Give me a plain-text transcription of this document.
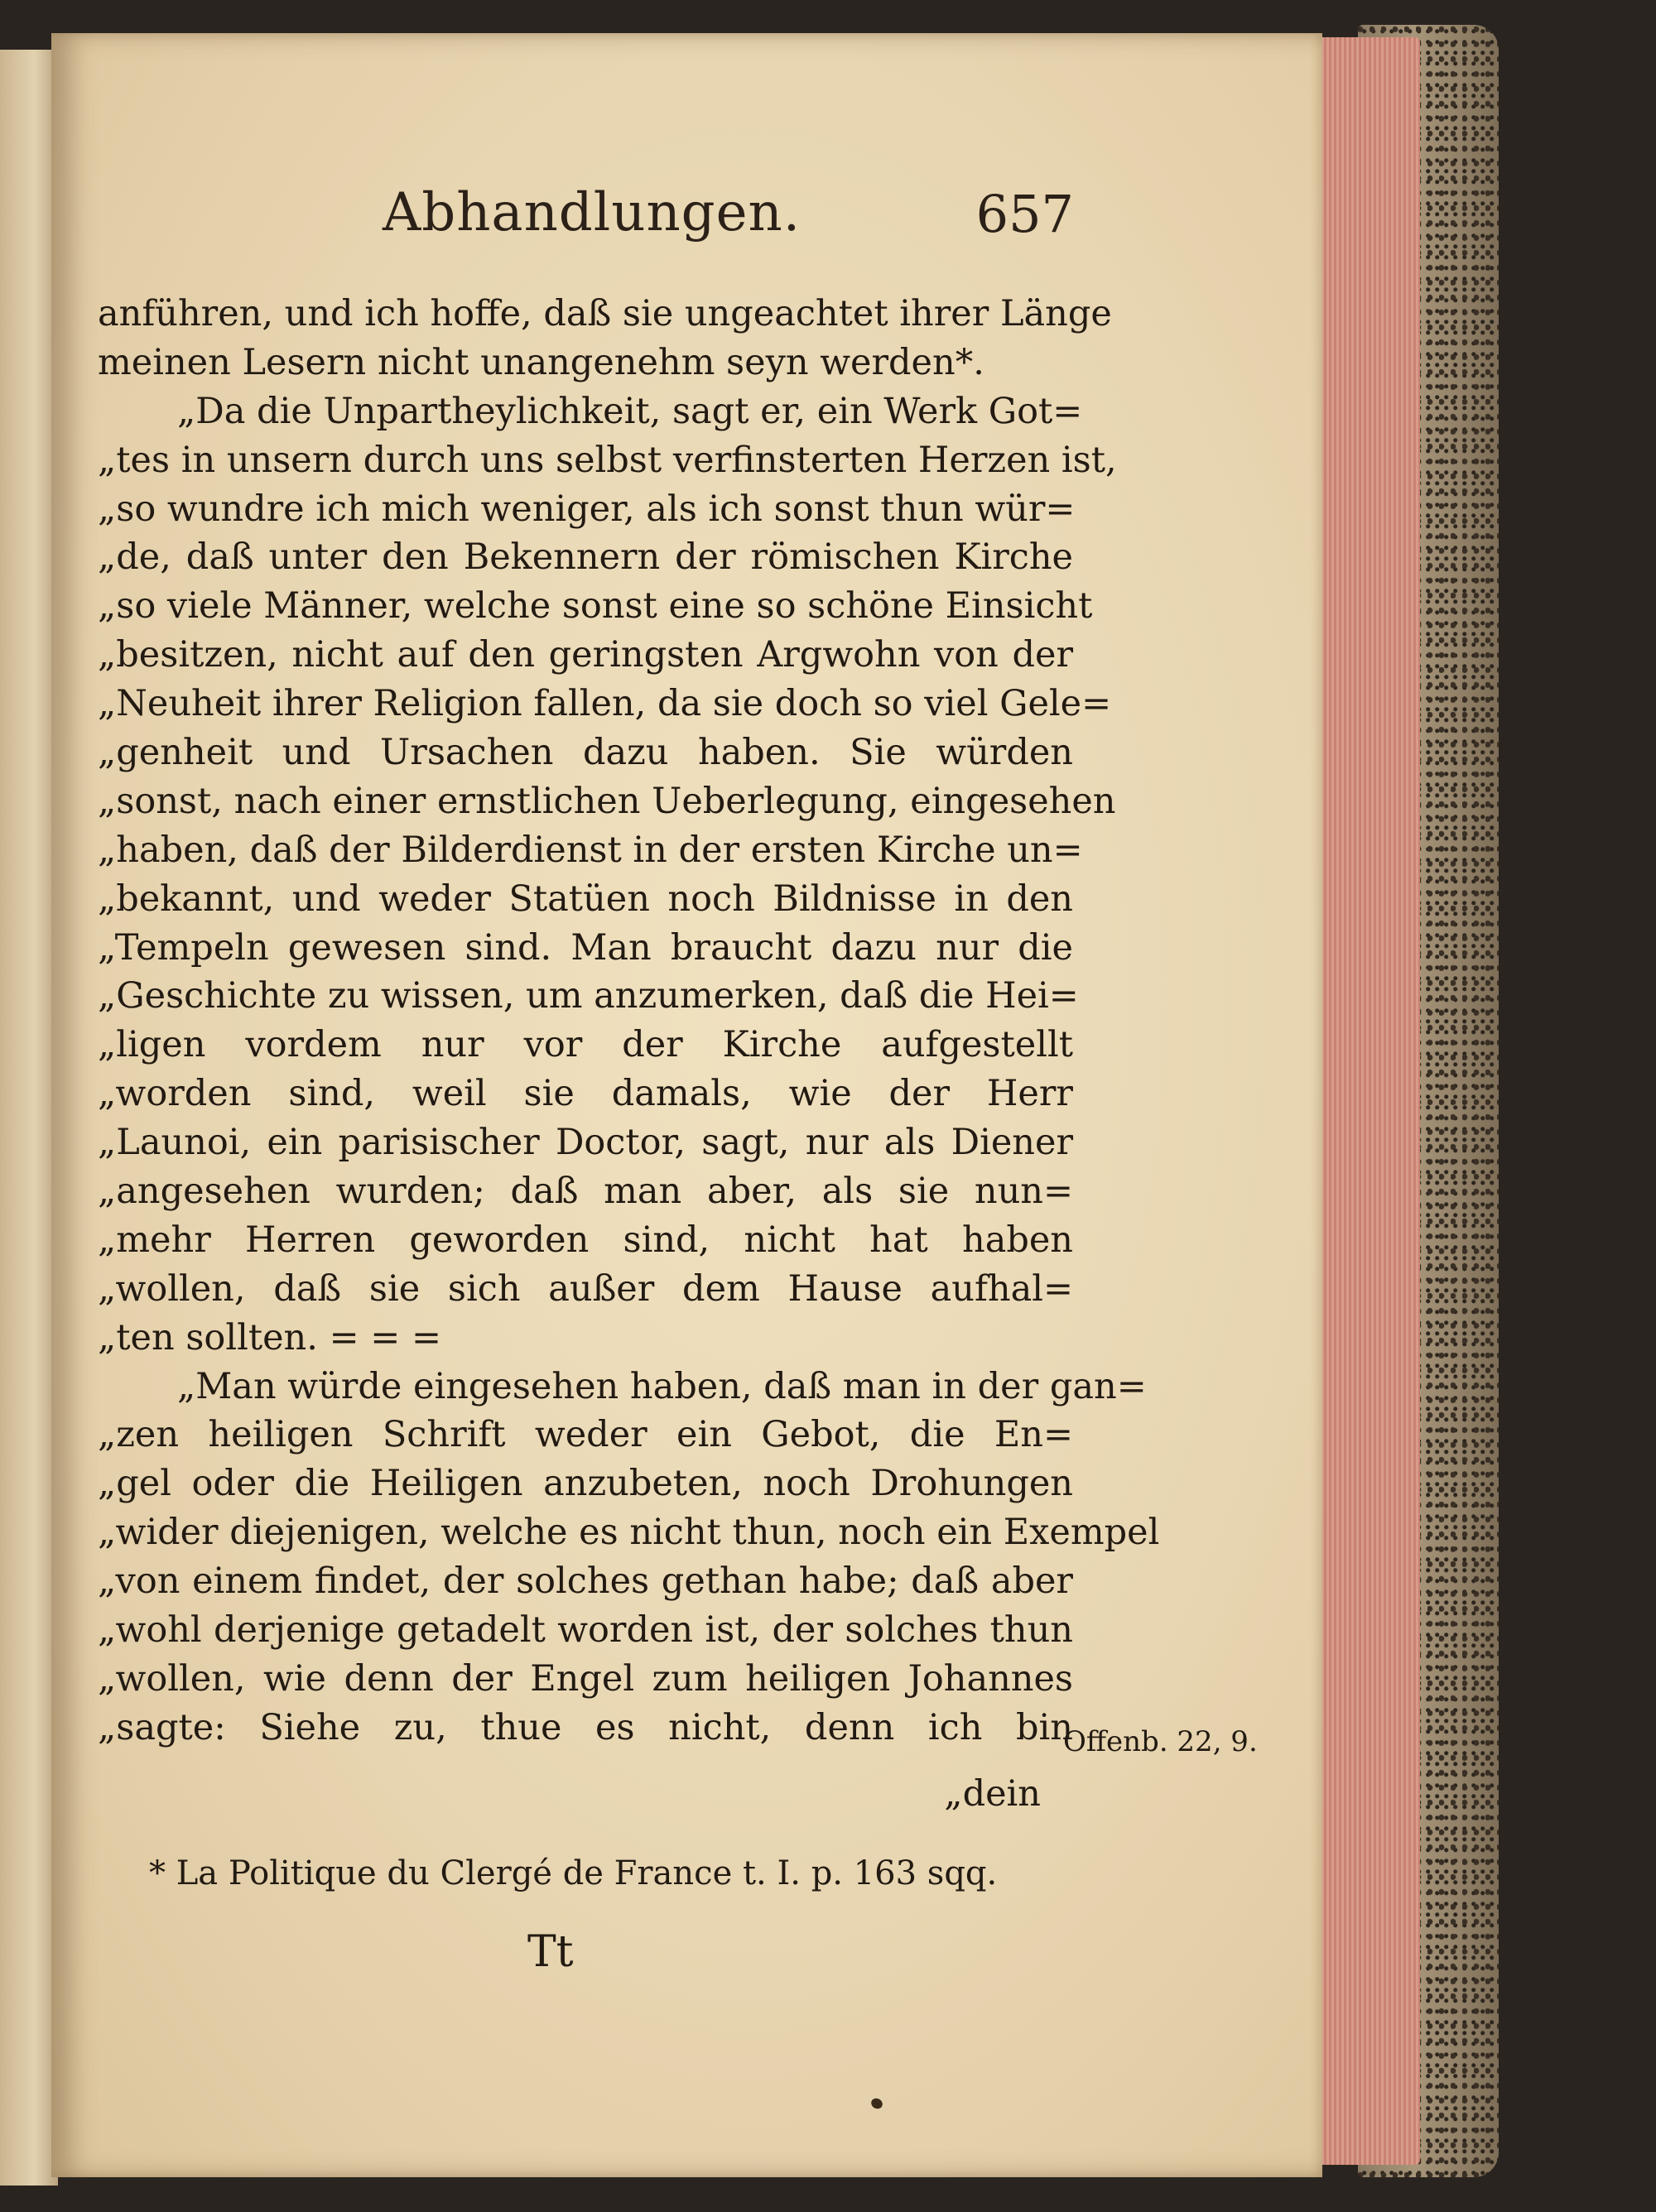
Abhandlungen.	657
anführen, und ich hoffe, daß sie ungeachtet ihrer Länge
meinen Lesern nicht unangenehm seyn werden*.
„Da die Unpartheylichkeit, sagt er, ein Werk Got=
„tes in unsern durch uns selbst verfinsterten Herzen ist,
„so wundre ich mich weniger, als ich sonst thun wür=
„de, daß unter den Bekennern der römischen Kirche
„so viele Männer, welche sonst eine so schöne Einsicht
„besitzen, nicht auf den geringsten Argwohn von der
„Neuheit ihrer Religion fallen, da sie doch so viel Gele=
„genheit und Ursachen dazu haben. Sie würden
„sonst, nach einer ernstlichen Ueberlegung, eingesehen
„haben, daß der Bilderdienst in der ersten Kirche un=
„bekannt, und weder Statüen noch Bildnisse in den
„Tempeln gewesen sind. Man braucht dazu nur die
„Geschichte zu wissen, um anzumerken, daß die Hei=
„ligen vordem nur vor der Kirche aufgestellt
„worden sind, weil sie damals, wie der Herr
„Launoi, ein parisischer Doctor, sagt, nur als Diener
„angesehen wurden; daß man aber, als sie nun=
„mehr Herren geworden sind, nicht hat haben
„wollen, daß sie sich außer dem Hause aufhal=
„ten sollten. = = =
„Man würde eingesehen haben, daß man in der gan=
„zen heiligen Schrift weder ein Gebot, die En=
„gel oder die Heiligen anzubeten, noch Drohungen
„wider diejenigen, welche es nicht thun, noch ein Exempel
„von einem findet, der solches gethan habe; daß aber
„wohl derjenige getadelt worden ist, der solches thun
„wollen, wie denn der Engel zum heiligen Johannes
„sagte: Siehe zu, thue es nicht, denn ich bin
Offenb. 22, 9.
„dein
* La Politique du Clergé de France t. I. p. 163 sqq.
Tt
